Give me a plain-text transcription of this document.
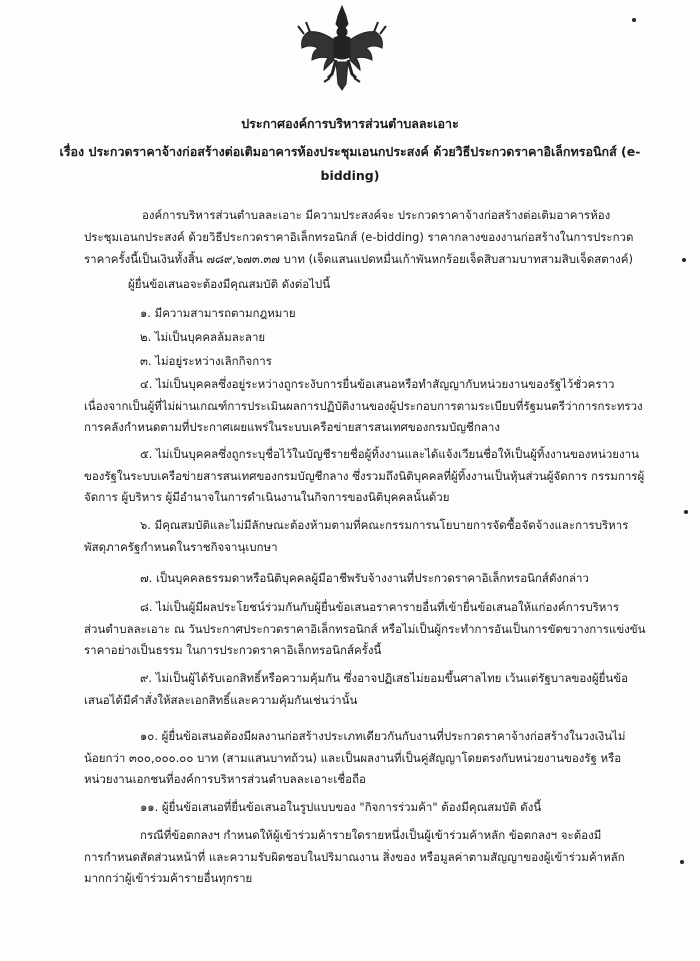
ประกาศองค์การบริหารส่วนตำบลละเอาะ
เรื่อง ประกวดราคาจ้างก่อสร้างต่อเติมอาคารห้องประชุมเอนกประสงค์ ด้วยวิธีประกวดราคาอิเล็กทรอนิกส์ (e-
bidding)
องค์การบริหารส่วนตำบลละเอาะ มีความประสงค์จะ ประกวดราคาจ้างก่อสร้างต่อเติมอาคารห้อง
ประชุมเอนกประสงค์ ด้วยวิธีประกวดราคาอิเล็กทรอนิกส์ (e-bidding) ราคากลางของงานก่อสร้างในการประกวด
ราคาครั้งนี้เป็นเงินทั้งสิ้น ๗๘๙,๖๗๓.๓๗ บาท (เจ็ดแสนแปดหมื่นเก้าพันหกร้อยเจ็ดสิบสามบาทสามสิบเจ็ดสตางค์)
ผู้ยื่นข้อเสนอจะต้องมีคุณสมบัติ ดังต่อไปนี้
๑. มีความสามารถตามกฎหมาย
๒. ไม่เป็นบุคคลล้มละลาย
๓. ไม่อยู่ระหว่างเลิกกิจการ
๔. ไม่เป็นบุคคลซึ่งอยู่ระหว่างถูกระงับการยื่นข้อเสนอหรือทำสัญญากับหน่วยงานของรัฐไว้ชั่วคราว
เนื่องจากเป็นผู้ที่ไม่ผ่านเกณฑ์การประเมินผลการปฏิบัติงานของผู้ประกอบการตามระเบียบที่รัฐมนตรีว่าการกระทรวง
การคลังกำหนดตามที่ประกาศเผยแพร่ในระบบเครือข่ายสารสนเทศของกรมบัญชีกลาง
๕. ไม่เป็นบุคคลซึ่งถูกระบุชื่อไว้ในบัญชีรายชื่อผู้ทิ้งงานและได้แจ้งเวียนชื่อให้เป็นผู้ทิ้งงานของหน่วยงาน
ของรัฐในระบบเครือข่ายสารสนเทศของกรมบัญชีกลาง ซึ่งรวมถึงนิติบุคคลที่ผู้ทิ้งงานเป็นหุ้นส่วนผู้จัดการ กรรมการผู้
จัดการ ผู้บริหาร ผู้มีอำนาจในการดำเนินงานในกิจการของนิติบุคคลนั้นด้วย
๖. มีคุณสมบัติและไม่มีลักษณะต้องห้ามตามที่คณะกรรมการนโยบายการจัดซื้อจัดจ้างและการบริหาร
พัสดุภาครัฐกำหนดในราชกิจจานุเบกษา
๗. เป็นบุคคลธรรมดาหรือนิติบุคคลผู้มีอาชีพรับจ้างงานที่ประกวดราคาอิเล็กทรอนิกส์ดังกล่าว
๘. ไม่เป็นผู้มีผลประโยชน์ร่วมกันกับผู้ยื่นข้อเสนอราคารายอื่นที่เข้ายื่นข้อเสนอให้แก่องค์การบริหาร
ส่วนตำบลละเอาะ ณ วันประกาศประกวดราคาอิเล็กทรอนิกส์ หรือไม่เป็นผู้กระทำการอันเป็นการขัดขวางการแข่งขัน
ราคาอย่างเป็นธรรม ในการประกวดราคาอิเล็กทรอนิกส์ครั้งนี้
๙. ไม่เป็นผู้ได้รับเอกสิทธิ์หรือความคุ้มกัน ซึ่งอาจปฏิเสธไม่ยอมขึ้นศาลไทย เว้นแต่รัฐบาลของผู้ยื่นข้อ
เสนอได้มีคำสั่งให้สละเอกสิทธิ์และความคุ้มกันเช่นว่านั้น
๑๐. ผู้ยื่นข้อเสนอต้องมีผลงานก่อสร้างประเภทเดียวกันกับงานที่ประกวดราคาจ้างก่อสร้างในวงเงินไม่
น้อยกว่า ๓๐๐,๐๐๐.๐๐ บาท (สามแสนบาทถ้วน) และเป็นผลงานที่เป็นคู่สัญญาโดยตรงกับหน่วยงานของรัฐ หรือ
หน่วยงานเอกชนที่องค์การบริหารส่วนตำบลละเอาะเชื่อถือ
๑๑. ผู้ยื่นข้อเสนอที่ยื่นข้อเสนอในรูปแบบของ "กิจการร่วมค้า" ต้องมีคุณสมบัติ ดังนี้
กรณีที่ข้อตกลงฯ กำหนดให้ผู้เข้าร่วมค้ารายใดรายหนึ่งเป็นผู้เข้าร่วมค้าหลัก ข้อตกลงฯ จะต้องมี
การกำหนดสัดส่วนหน้าที่ และความรับผิดชอบในปริมาณงาน สิ่งของ หรือมูลค่าตามสัญญาของผู้เข้าร่วมค้าหลัก
มากกว่าผู้เข้าร่วมค้ารายอื่นทุกราย
